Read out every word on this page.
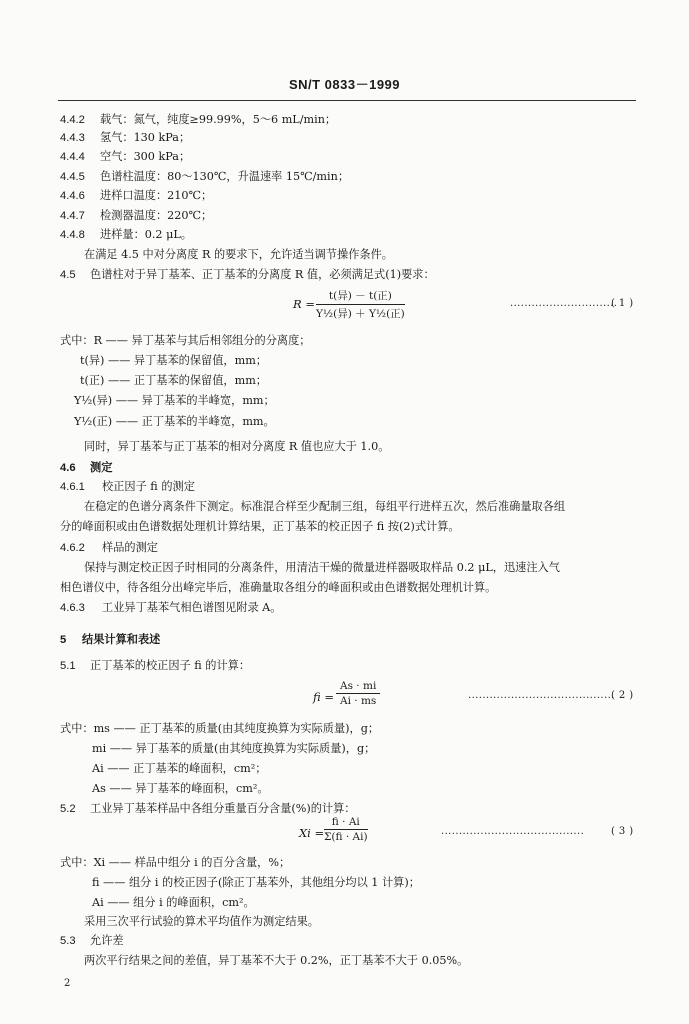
SN/T 0833－1999
4.4.2 载气：氮气，纯度≥99.99%，5～6 mL/min；
4.4.3 氢气：130 kPa；
4.4.4 空气：300 kPa；
4.4.5 色谱柱温度：80～130℃，升温速率 15℃/min；
4.4.6 进样口温度：210℃；
4.4.7 检测器温度：220℃；
4.4.8 进样量：0.2 μL。
在满足 4.5 中对分离度 R 的要求下，允许适当调节操作条件。
4.5 色谱柱对于异丁基苯、正丁基苯的分离度 R 值，必须满足式(1)要求：
R =
t(异) － t(正)
Y½(异) ＋ Y½(正)
..............................
( 1 )
式中：R —— 异丁基苯与其后相邻组分的分离度；
t(异) —— 异丁基苯的保留值，mm；
t(正) —— 正丁基苯的保留值，mm；
Y½(异) —— 异丁基苯的半峰宽，mm；
Y½(正) —— 正丁基苯的半峰宽，mm。
同时，异丁基苯与正丁基苯的相对分离度 R 值也应大于 1.0。
4.6 测定
4.6.1 校正因子 fi 的测定
在稳定的色谱分离条件下测定。标准混合样至少配制三组，每组平行进样五次，然后准确量取各组
分的峰面积或由色谱数据处理机计算结果，正丁基苯的校正因子 fi 按(2)式计算。
4.6.2 样品的测定
保持与测定校正因子时相同的分离条件，用清洁干燥的微量进样器吸取样品 0.2 μL，迅速注入气
相色谱仪中，待各组分出峰完毕后，准确量取各组分的峰面积或由色谱数据处理机计算。
4.6.3 工业异丁基苯气相色谱图见附录 A。
5 结果计算和表述
5.1 正丁基苯的校正因子 fi 的计算：
fi = $\frac{As \cdot mi}{Ai \cdot ms}$	.........................................
( 2 )
式中：ms —— 正丁基苯的质量(由其纯度换算为实际质量)，g；
mi —— 异丁基苯的质量(由其纯度换算为实际质量)，g；
Ai —— 正丁基苯的峰面积，cm²；
As —— 异丁基苯的峰面积，cm²。
5.2 工业异丁基苯样品中各组分重量百分含量(%)的计算：
$Xi = \frac{fi \cdot Ai}{\Sigma(fi \cdot Ai)}$	........................................	( 3 )
式中：Xi —— 样品中组分 i 的百分含量，%；
fi —— 组分 i 的校正因子(除正丁基苯外，其他组分均以 1 计算)；
Ai —— 组分 i 的峰面积，cm²。
采用三次平行试验的算术平均值作为测定结果。
5.3 允许差
两次平行结果之间的差值，异丁基苯不大于 0.2%，正丁基苯不大于 0.05%。
2
